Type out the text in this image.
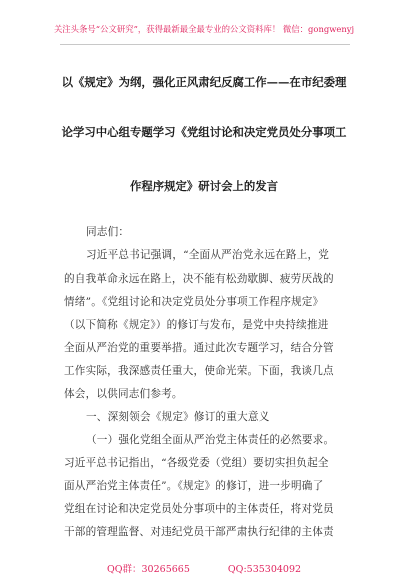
关注头条号“公文研究”，获得最新最全最专业的公文资料库！ 微信：gongwenyj
以《规定》为纲，强化正风肃纪反腐工作——在市纪委理
论学习中心组专题学习《党组讨论和决定党员处分事项工
作程序规定》研讨会上的发言
同志们：
习近平总书记强调，“全面从严治党永远在路上，党
的自我革命永远在路上，决不能有松劲歇脚、疲劳厌战的
情绪”。《党组讨论和决定党员处分事项工作程序规定》
（以下简称《规定》）的修订与发布，是党中央持续推进
全面从严治党的重要举措。通过此次专题学习，结合分管
工作实际，我深感责任重大，使命光荣。下面，我谈几点
体会，以供同志们参考。
一、深刻领会《规定》修订的重大意义
（一）强化党组全面从严治党主体责任的必然要求。
习近平总书记指出，“各级党委（党组）要切实担负起全
面从严治党主体责任”。《规定》的修订，进一步明确了
党组在讨论和决定党员处分事项中的主体责任，将对党员
干部的管理监督、对违纪党员干部严肃执行纪律的主体责
QQ群：30265665	QQ:535304092
